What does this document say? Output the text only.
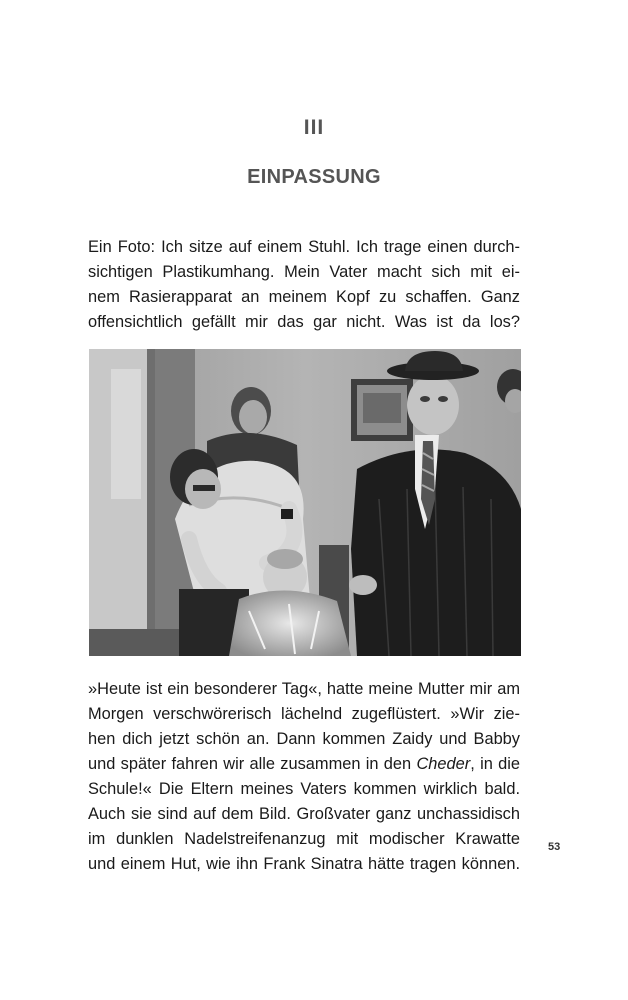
III
EINPASSUNG
Ein Foto: Ich sitze auf einem Stuhl. Ich trage einen durch-
sichtigen Plastikumhang. Mein Vater macht sich mit ei-
nem Rasierapparat an meinem Kopf zu schaffen. Ganz
offensichtlich gefällt mir das gar nicht. Was ist da los?
»Heute ist ein besonderer Tag«, hatte meine Mutter mir am
Morgen verschwörerisch lächelnd zugeflüstert. »Wir zie-
hen dich jetzt schön an. Dann kommen Zaidy und Babby
und später fahren wir alle zusammen in den Cheder, in die
Schule!« Die Eltern meines Vaters kommen wirklich bald.
Auch sie sind auf dem Bild. Großvater ganz unchassidisch
im dunklen Nadelstreifenanzug mit modischer Krawatte
und einem Hut, wie ihn Frank Sinatra hätte tragen können.
53
